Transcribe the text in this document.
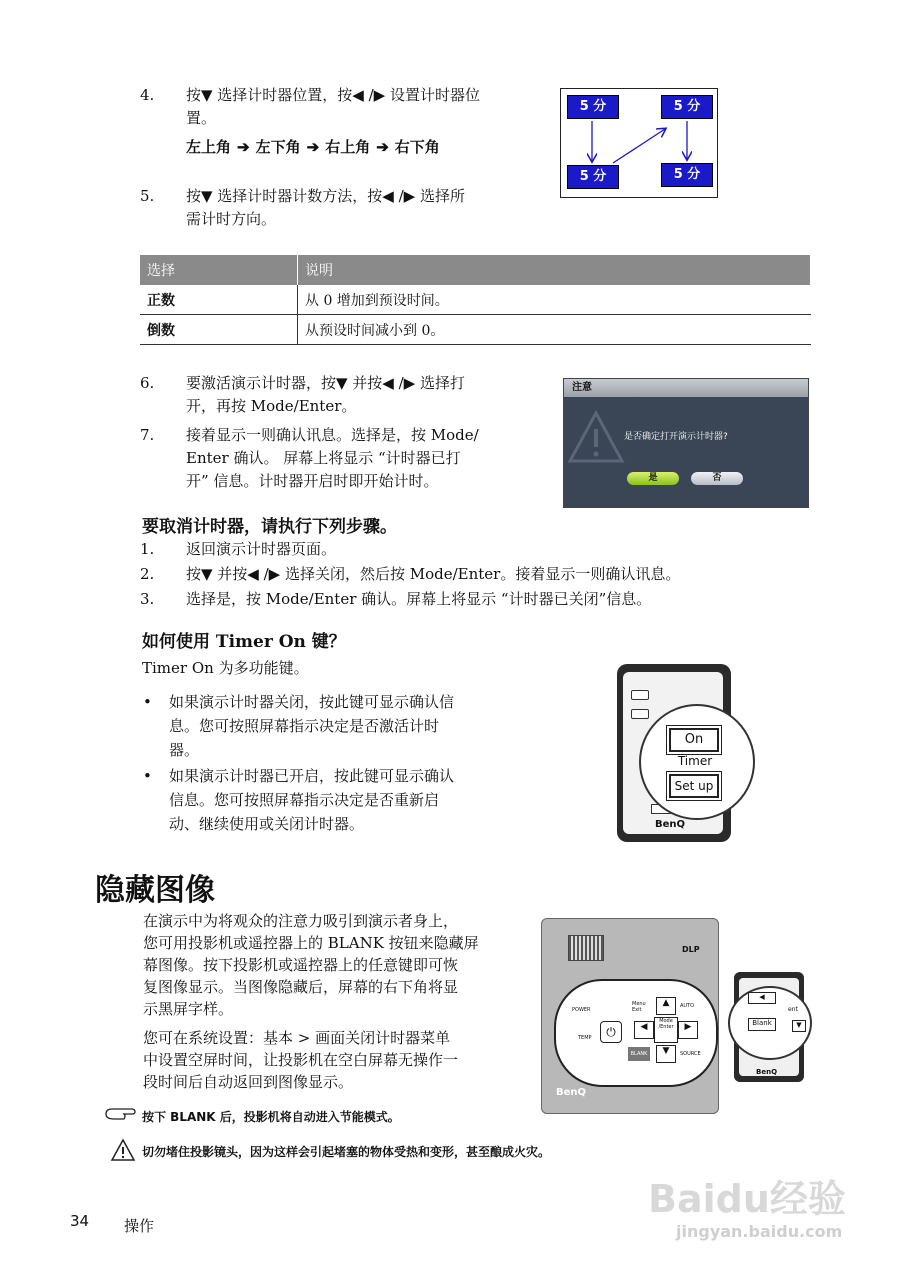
4.	按▼ 选择计时器位置，按◀ /▶ 设置计时器位
置。
左上角 ➔ 左下角 ➔ 右上角 ➔ 右下角
5.	按▼ 选择计时器计数方法，按◀ /▶ 选择所
需计时方向。
5 分	5 分
5 分	5 分
选择	说明
正数	从 0 增加到预设时间。
倒数	从预设时间减小到 0。
6.	要激活演示计时器，按▼ 并按◀ /▶ 选择打
开，再按 Mode/Enter。
7.	接着显示一则确认讯息。选择是，按 Mode/
Enter 确认。 屏幕上将显示 “计时器已打
开” 信息。计时器开启时即开始计时。
注意
是否确定打开演示计时器?
是	否
要取消计时器，请执行下列步骤。
1.	返回演示计时器页面。
2.	按▼ 并按◀ /▶ 选择关闭，然后按 Mode/Enter。接着显示一则确认讯息。
3.	选择是，按 Mode/Enter 确认。屏幕上将显示 “计时器已关闭”信息。
如何使用 Timer On 键？
Timer On 为多功能键。
• 如果演示计时器关闭，按此键可显示确认信
息。您可按照屏幕指示决定是否激活计时
器。
• 如果演示计时器已开启，按此键可显示确认
信息。您可按照屏幕指示决定是否重新启
动、继续使用或关闭计时器。	BenQ
On
Timer
Set up
隐藏图像
在演示中为将观众的注意力吸引到演示者身上，
您可用投影机或遥控器上的 BLANK 按钮来隐藏屏
幕图像。按下投影机或遥控器上的任意键即可恢
复图像显示。当图像隐藏后，屏幕的右下角将显
示黑屏字样。
您可在系统设置：基本 > 画面关闭计时器菜单
中设置空屏时间，让投影机在空白屏幕无操作一
段时间后自动返回到图像显示。
DLP
POWER
TEMP	⏻
Menu
Exit
▲
◀
Mode
/Enter	▶
▼
AUTO
BLANK	SOURCE
BenQ
◀
Blank
ent
▼
BenQ
按下 BLANK 后，投影机将自动进入节能模式。
切勿堵住投影镜头，因为这样会引起堵塞的物体受热和变形，甚至酿成火灾。
34 操作
Baidu经验
jingyan.baidu.com
